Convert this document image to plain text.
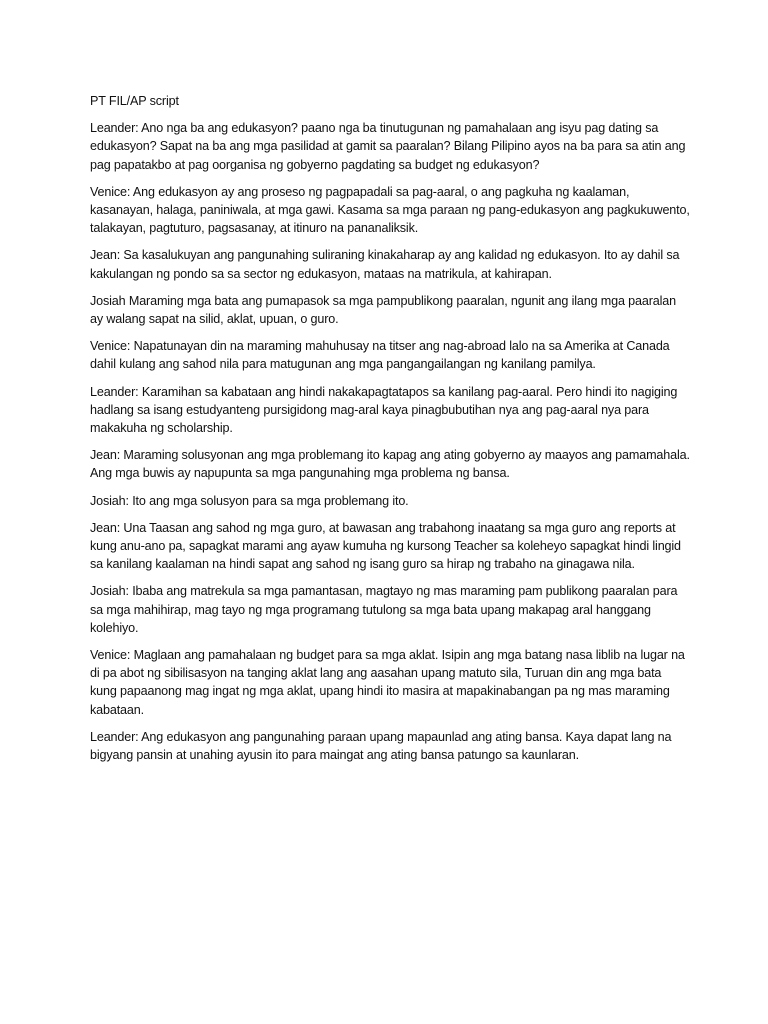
PT FIL/AP script

Leander: Ano nga ba ang edukasyon? paano nga ba tinutugunan ng pamahalaan ang isyu pag dating sa edukasyon? Sapat na ba ang mga pasilidad at gamit sa paaralan? Bilang Pilipino ayos na ba para sa atin ang pag papatakbo at pag oorganisa ng gobyerno pagdating sa budget ng edukasyon?

Venice: Ang edukasyon ay ang proseso ng pagpapadali sa pag-aaral, o ang pagkuha ng kaalaman, kasanayan, halaga, paniniwala, at mga gawi. Kasama sa mga paraan ng pang-edukasyon ang pagkukuwento, talakayan, pagtuturo, pagsasanay, at itinuro na pananaliksik.

Jean: Sa kasalukuyan ang pangunahing suliraning kinakaharap ay ang kalidad ng edukasyon. Ito ay dahil sa kakulangan ng pondo sa sa sector ng edukasyon, mataas na matrikula, at kahirapan.

Josiah Maraming mga bata ang pumapasok sa mga pampublikong paaralan, ngunit ang ilang mga paaralan ay walang sapat na silid, aklat, upuan, o guro.

Venice: Napatunayan din na maraming mahuhusay na titser ang nag-abroad lalo na sa Amerika at Canada dahil kulang ang sahod nila para matugunan ang mga pangangailangan ng kanilang pamilya.

Leander: Karamihan sa kabataan ang hindi nakakapagtatapos sa kanilang pag-aaral. Pero hindi ito nagiging hadlang sa isang estudyanteng pursigidong mag-aral kaya pinagbubutihan nya ang pag-aaral nya para makakuha ng scholarship.

Jean: Maraming solusyonan ang mga problemang ito kapag ang ating gobyerno ay maayos ang pamamahala. Ang mga buwis ay napupunta sa mga pangunahing mga problema ng bansa.

Josiah: Ito ang mga solusyon para sa mga problemang ito.

Jean: Una Taasan ang sahod ng mga guro, at bawasan ang trabahong inaatang sa mga guro ang reports at kung anu-ano pa, sapagkat marami ang ayaw kumuha ng kursong Teacher sa koleheyo sapagkat hindi lingid sa kanilang kaalaman na hindi sapat ang sahod ng isang guro sa hirap ng trabaho na ginagawa nila.

Josiah: Ibaba ang matrekula sa mga pamantasan, magtayo ng mas maraming pam publikong paaralan para sa mga mahihirap, mag tayo ng mga programang tutulong sa mga bata upang makapag aral hanggang kolehiyo.

Venice: Maglaan ang pamahalaan ng budget para sa mga aklat. Isipin ang mga batang nasa liblib na lugar na di pa abot ng sibilisasyon na tanging aklat lang ang aasahan upang matuto sila, Turuan din ang mga bata kung papaanong mag ingat ng mga aklat, upang hindi ito masira at mapakinabangan pa ng mas maraming kabataan.

Leander: Ang edukasyon ang pangunahing paraan upang mapaunlad ang ating bansa. Kaya dapat lang na bigyang pansin at unahing ayusin ito para maingat ang ating bansa patungo sa kaunlaran.
